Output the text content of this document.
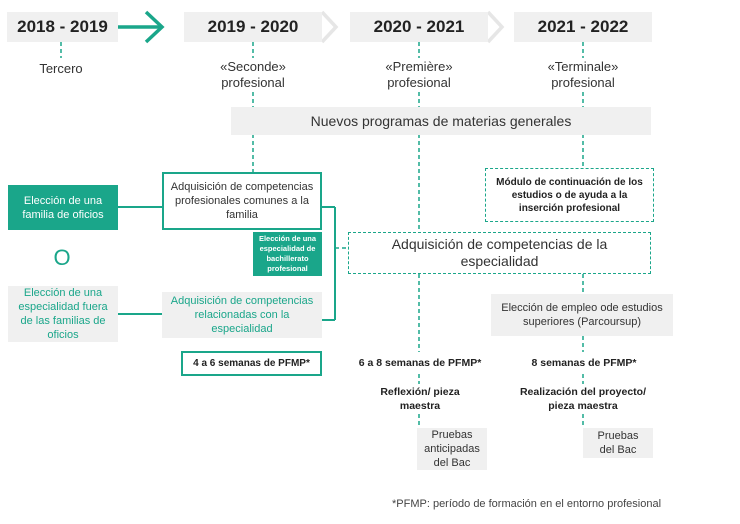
2018 - 2019	2019 - 2020	2020 - 2021	2021 - 2022
Tercero	«Seconde» profesional
«Première» profesional
«Terminale» profesional
Nuevos programas de materias generales
Elección de una familia de oficios
O
Elección de una especialidad fuera de las familias de oficios
Adquisición de competencias profesionales comunes a la familia
Elección de una especialidad de bachillerato profesional
Adquisición de competencias relacionadas con la especialidad
Adquisición de competencias de la especialidad
Módulo de continuación de los estudios o de ayuda a la inserción profesional
Elección de empleo ode estudios superiores (Parcoursup)
4 a 6 semanas de PFMP*	6 a 8 semanas de PFMP*	8 semanas de PFMP*
Reflexión/ pieza maestra
Realización del proyecto/ pieza maestra
Pruebas anticipadas del Bac
Pruebas del Bac
*PFMP: período de formación en el entorno profesional
